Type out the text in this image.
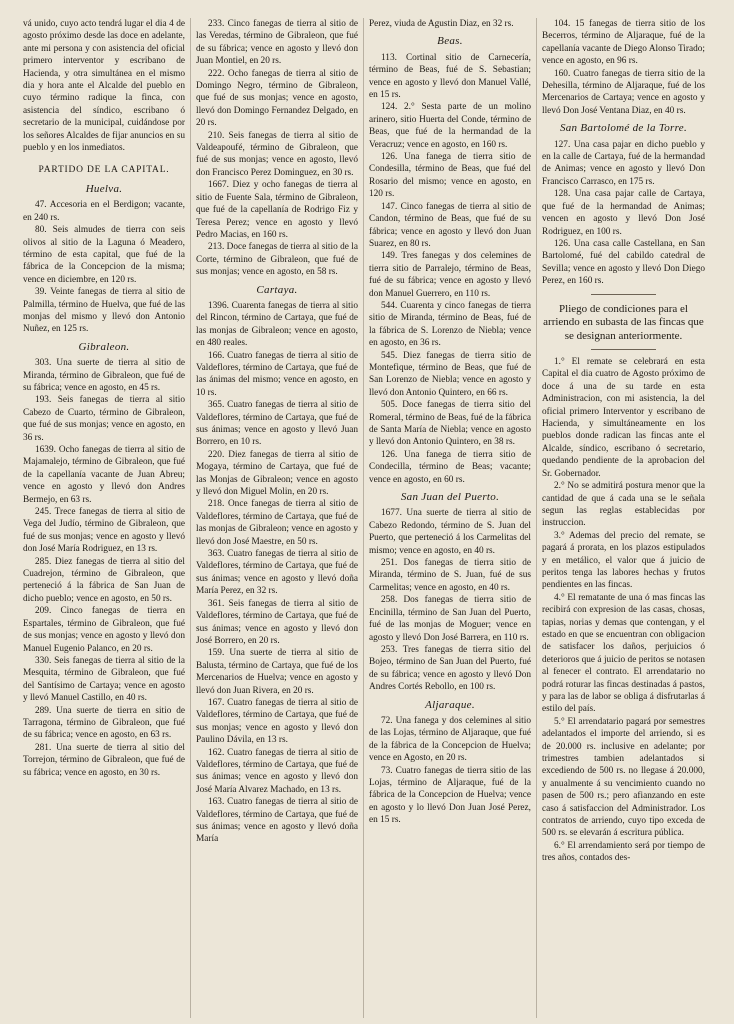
vá unido, cuyo acto tendrá lugar el dia 4 de agosto próximo desde las doce en adelante, ante mi persona y con asistencia del oficial primero interventor y escribano de Hacienda, y otra simultánea en el mismo dia y hora ante el Alcalde del pueblo en cuyo término radique la finca, con asistencia del síndico, escribano ó secretario de la municipal, cuidándose por los señores Alcaldes de fijar anuncios en su pueblo y en los inmediatos.

PARTIDO DE LA CAPITAL.
Huelva.

47. Accesoria en el Berdigon; vacante, en 240 rs.

80. Seis almudes de tierra con seis olivos al sitio de la Laguna ó Meadero, término de esta capital, que fué de la fábrica de la Concepcion de la misma; vence en diciembre, en 120 rs.

39. Veinte fanegas de tierra al sitio de Palmilla, término de Huelva, que fué de las monjas del mismo y llevó don Antonio Nuñez, en 125 rs.

Gibraleon.

303. Una suerte de tierra al sitio de Miranda, término de Gibraleon, que fué de su fábrica; vence en agosto, en 45 rs.

193. Seis fanegas de tierra al sitio Cabezo de Cuarto, término de Gibraleon, que fué de sus monjas; vence en agosto, en 36 rs.

1639. Ocho fanegas de tierra al sitio de Majamalejo, término de Gibraleon, que fué de la capellanía vacante de Juan Abreu; vence en agosto y llevó don Andres Bermejo, en 63 rs.

245. Trece fanegas de tierra al sitio de Vega del Judío, término de Gibraleon, que fué de sus monjas; vence en agosto y llevó don José María Rodriguez, en 13 rs.

285. Diez fanegas de tierra al sitio del Cuadrejon, término de Gibraleon, que perteneció á la fábrica de San Juan de dicho pueblo; vence en agosto, en 50 rs.

209. Cinco fanegas de tierra en Espartales, término de Gibraleon, que fué de sus monjas; vence en agosto y llevó don Manuel Eugenio Palanco, en 20 rs.

330. Seis fanegas de tierra al sitio de la Mesquita, término de Gibraleon, que fué del Santísimo de Cartaya; vence en agosto y llevó Manuel Castillo, en 40 rs.

289. Una suerte de tierra en sitio de Tarragona, término de Gibraleon, que fué de su fábrica; vence en agosto, en 63 rs.

281. Una suerte de tierra al sitio del Torrejon, término de Gibraleon, que fué de su fábrica; vence en agosto, en 30 rs.

233. Cinco fanegas de tierra al sitio de las Veredas, término de Gibraleon, que fué de su fábrica; vence en agosto y llevó don Juan Montiel, en 20 rs.

222. Ocho fanegas de tierra al sitio de Domingo Negro, término de Gibraleon, que fué de sus monjas; vence en agosto, llevó don Domingo Fernandez Delgado, en 20 rs.

210. Seis fanegas de tierra al sitio de Valdeapoufé, término de Gibraleon, que fué de sus monjas; vence en agosto, llevó don Francisco Perez Dominguez, en 30 rs.

1667. Diez y ocho fanegas de tierra al sitio de Fuente Sala, término de Gibraleon, que fué de la capellanía de Rodrigo Fiz y Teresa Perez; vence en agosto y llevó Pedro Macias, en 160 rs.

213. Doce fanegas de tierra al sitio de la Corte, término de Gibraleon, que fué de sus monjas; vence en agosto, en 58 rs.

Cartaya.

1396. Cuarenta fanegas de tierra al sitio del Rincon, término de Cartaya, que fué de las monjas de Gibraleon; vence en agosto, en 480 reales.

166. Cuatro fanegas de tierra al sitio de Valdeflores, término de Cartaya, que fué de las ánimas del mismo; vence en agosto, en 10 rs.

365. Cuatro fanegas de tierra al sitio de Valdeflores, término de Cartaya, que fué de sus ánimas; vence en agosto y llevó Juan Borrero, en 10 rs.

220. Diez fanegas de tierra al sitio de Mogaya, término de Cartaya, que fué de las Monjas de Gibraleon; vence en agosto y llevó don Miguel Molin, en 20 rs.

218. Once fanegas de tierra al sitio de Valdeflores, término de Cartaya, que fué de las monjas de Gibraleon; vence en agosto y llevó don José Maestre, en 50 rs.

363. Cuatro fanegas de tierra al sitio de Valdeflores, término de Cartaya, que fué de sus ánimas; vence en agosto y llevó doña María Perez, en 32 rs.

361. Seis fanegas de tierra al sitio de Valdeflores, término de Cartaya, que fué de sus ánimas; vence en agosto y llevó don José Borrero, en 20 rs.

159. Una suerte de tierra al sitio de Balusta, término de Cartaya, que fué de los Mercenarios de Huelva; vence en agosto y llevó don Juan Rivera, en 20 rs.

167. Cuatro fanegas de tierra al sitio de Valdeflores, término de Cartaya, que fué de sus monjas; vence en agosto y llevó don Paulino Dávila, en 13 rs.

162. Cuatro fanegas de tierra al sitio de Valdeflores, término de Cartaya, que fué de sus ánimas; vence en agosto y llevó don José María Alvarez Machado, en 13 rs.

163. Cuatro fanegas de tierra al sitio de Valdeflores, término de Cartaya, que fué de sus ánimas; vence en agosto y llevó doña María

Perez, viuda de Agustin Diaz, en 32 rs.

Beas.

113. Cortinal sitio de Carnecería, término de Beas, fué de S. Sebastian; vence en agosto y llevó don Manuel Vallé, en 15 rs.

124. 2.° Sesta parte de un molino arinero, sitio Huerta del Conde, término de Beas, que fué de la hermandad de la Veracruz; vence en agosto, en 160 rs.

126. Una fanega de tierra sitio de Condesilla, término de Beas, que fué del Rosario del mismo; vence en agosto, en 120 rs.

147. Cinco fanegas de tierra al sitio de Candon, término de Beas, que fué de su fábrica; vence en agosto y llevó don Juan Suarez, en 80 rs.

149. Tres fanegas y dos celemines de tierra sitio de Parralejo, término de Beas, fué de su fábrica; vence en agosto y llevó don Manuel Guerrero, en 110 rs.

544. Cuarenta y cinco fanegas de tierra sitio de Miranda, término de Beas, fué de la fábrica de S. Lorenzo de Niebla; vence en agosto, en 36 rs.

545. Diez fanegas de tierra sitio de Montefique, término de Beas, que fué de San Lorenzo de Niebla; vence en agosto y llevó don Antonio Quintero, en 66 rs.

505. Doce fanegas de tierra sitio del Romeral, término de Beas, fué de la fábrica de Santa María de Niebla; vence en agosto y llevó don Antonio Quintero, en 38 rs.

126. Una fanega de tierra sitio de Condecilla, término de Beas; vacante; vence en agosto, en 60 rs.

San Juan del Puerto.

1677. Una suerte de tierra al sitio de Cabezo Redondo, término de S. Juan del Puerto, que perteneció á los Carmelitas del mismo; vence en agosto, en 40 rs.

251. Dos fanegas de tierra sitio de Miranda, término de S. Juan, fué de sus Carmelitas; vence en agosto, en 40 rs.

258. Dos fanegas de tierra sitio de Encinilla, término de San Juan del Puerto, fué de las monjas de Moguer; vence en agosto y llevó Don José Barrera, en 110 rs.

253. Tres fanegas de tierra sitio del Bojeo, término de San Juan del Puerto, fué de su fábrica; vence en agosto y llevó Don Andres Cortés Rebollo, en 100 rs.

Aljaraque.

72. Una fanega y dos celemines al sitio de las Lojas, término de Aljaraque, que fué de la fábrica de la Concepcion de Huelva; vence en Agosto, en 20 rs.

73. Cuatro fanegas de tierra sitio de las Lojas, término de Aljaraque, fué de la fábrica de la Concepcion de Huelva; vence en agosto y lo llevó Don Juan José Perez, en 15 rs.

104. 15 fanegas de tierra sitio de los Becerros, término de Aljaraque, fué de la capellanía vacante de Diego Alonso Tirado; vence en agosto, en 96 rs.

160. Cuatro fanegas de tierra sitio de la Dehesilla, término de Aljaraque, fué de los Mercenarios de Cartaya; vence en agosto y llevó Don José Ventana Diaz, en 40 rs.

San Bartolomé de la Torre.

127. Una casa pajar en dicho pueblo y en la calle de Cartaya, fué de la hermandad de Animas; vence en agosto y llevó Don Francisco Carrasco, en 175 rs.

128. Una casa pajar calle de Cartaya, que fué de la hermandad de Animas; vencen en agosto y llevó Don José Rodriguez, en 100 rs.

126. Una casa calle Castellana, en San Bartolomé, fué del cabildo catedral de Sevilla; vence en agosto y llevó Don Diego Perez, en 160 rs.

Pliego de condiciones para el arriendo en subasta de las fincas que se designan anteriormente.

1.° El remate se celebrará en esta Capital el dia cuatro de Agosto próximo de doce á una de su tarde en esta Administracion, con mi asistencia, la del oficial primero Interventor y escribano de Hacienda, y simultáneamente en los pueblos donde radican las fincas ante el Alcalde, síndico, escribano ó secretario, quedando pendiente de la aprobacion del Sr. Gobernador.

2.° No se admitirá postura menor que la cantidad de que á cada una se le señala segun las reglas establecidas por instruccion.

3.° Ademas del precio del remate, se pagará á prorata, en los plazos estipulados y en metálico, el valor que á juicio de peritos tenga las labores hechas y frutos pendientes en las fincas.

4.° El rematante de una ó mas fincas las recibirá con expresion de las casas, chosas, tapias, norias y demas que contengan, y el estado en que se encuentran con obligacion de satisfacer los daños, perjuicios ó deterioros que á juicio de peritos se notasen al fenecer el contrato. El arrendatario no podrá roturar las fincas destinadas á pastos, y para las de labor se obliga á disfrutarlas á estilo del país.

5.° El arrendatario pagará por semestres adelantados el importe del arriendo, si es de 20.000 rs. inclusive en adelante; por trimestres tambien adelantados si excediendo de 500 rs. no llegase á 20.000, y anualmente á su vencimiento cuando no pasen de 500 rs.; pero afianzando en este caso á satisfaccion del Administrador. Los contratos de arriendo, cuyo tipo exceda de 500 rs. se elevarán á escritura pública.

6.° El arrendamiento será por tiempo de tres años, contados des-
